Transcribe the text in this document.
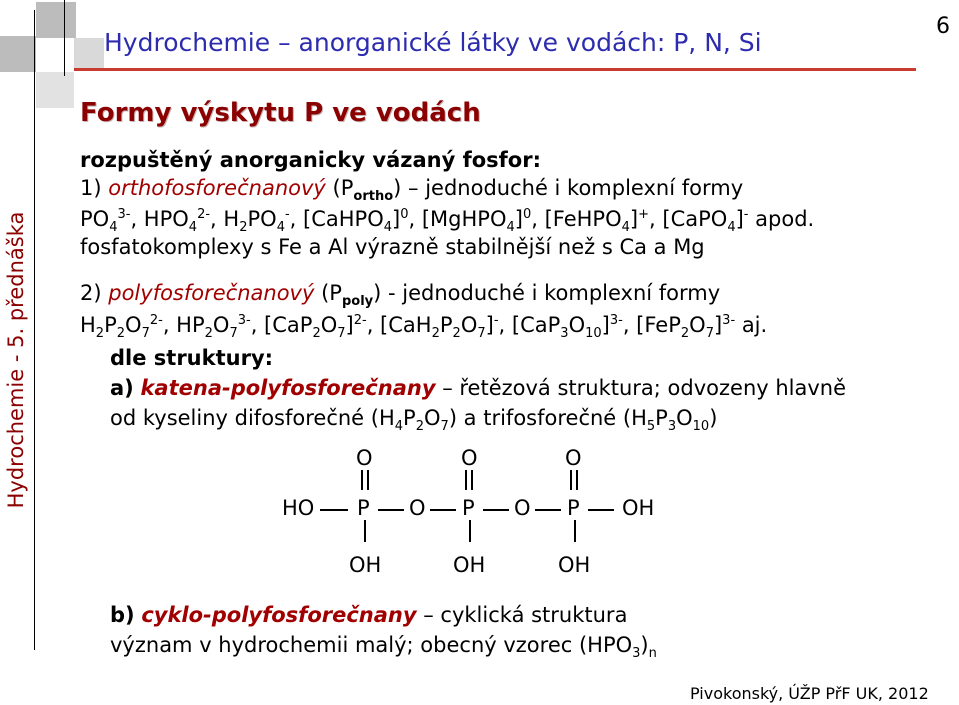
Hydrochemie - 5. přednáška
Hydrochemie – anorganické látky ve vodách: P, N, Si
6
Formy výskytu P ve vodách
rozpuštěný anorganicky vázaný fosfor:
1) orthofosforečnanový $(P_{ortho})$ – jednoduché i komplexní formy
$PO_4^{3-}$, $HPO_4^{2-}$, $H_2PO_4^-$, [CaHPO$_4$]$^0$, [MgHPO$_4$]$^0$, [FeHPO$_4$]+, [CaPO$_4$]- apod.
fosfatokomplexy s Fe a Al výrazně stabilnější než s Ca a Mg
2) polyfosforečnanový $(P_{poly})$ - jednoduché i komplexní formy
$H_2P_2O_7^{2-}$, $HP_2O_7^{3-}$, $[CaP_2O_7]^{2-}$, $[CaH_2P_2O_7]^-$, $[CaP_3O_{10}]^{3-}$, $[FeP_2O_7]^{3-}$ aj.
dle struktury:
a) katena-polyfosforečnany – řetězová struktura; odvozeny hlavně
od kyseliny difosforečné $(H_4P_2O_7)$ a trifosforečné $(H_5P_3O_{10})$
O	O	O
HO P O P O P OH
OH	OH	OH
b) cyklo-polyfosforečnany – cyklická struktura
význam v hydrochemii malý; obecný vzorec $(HPO_3)_n$
Pivokonský, ÚŽP PřF UK, 2012
